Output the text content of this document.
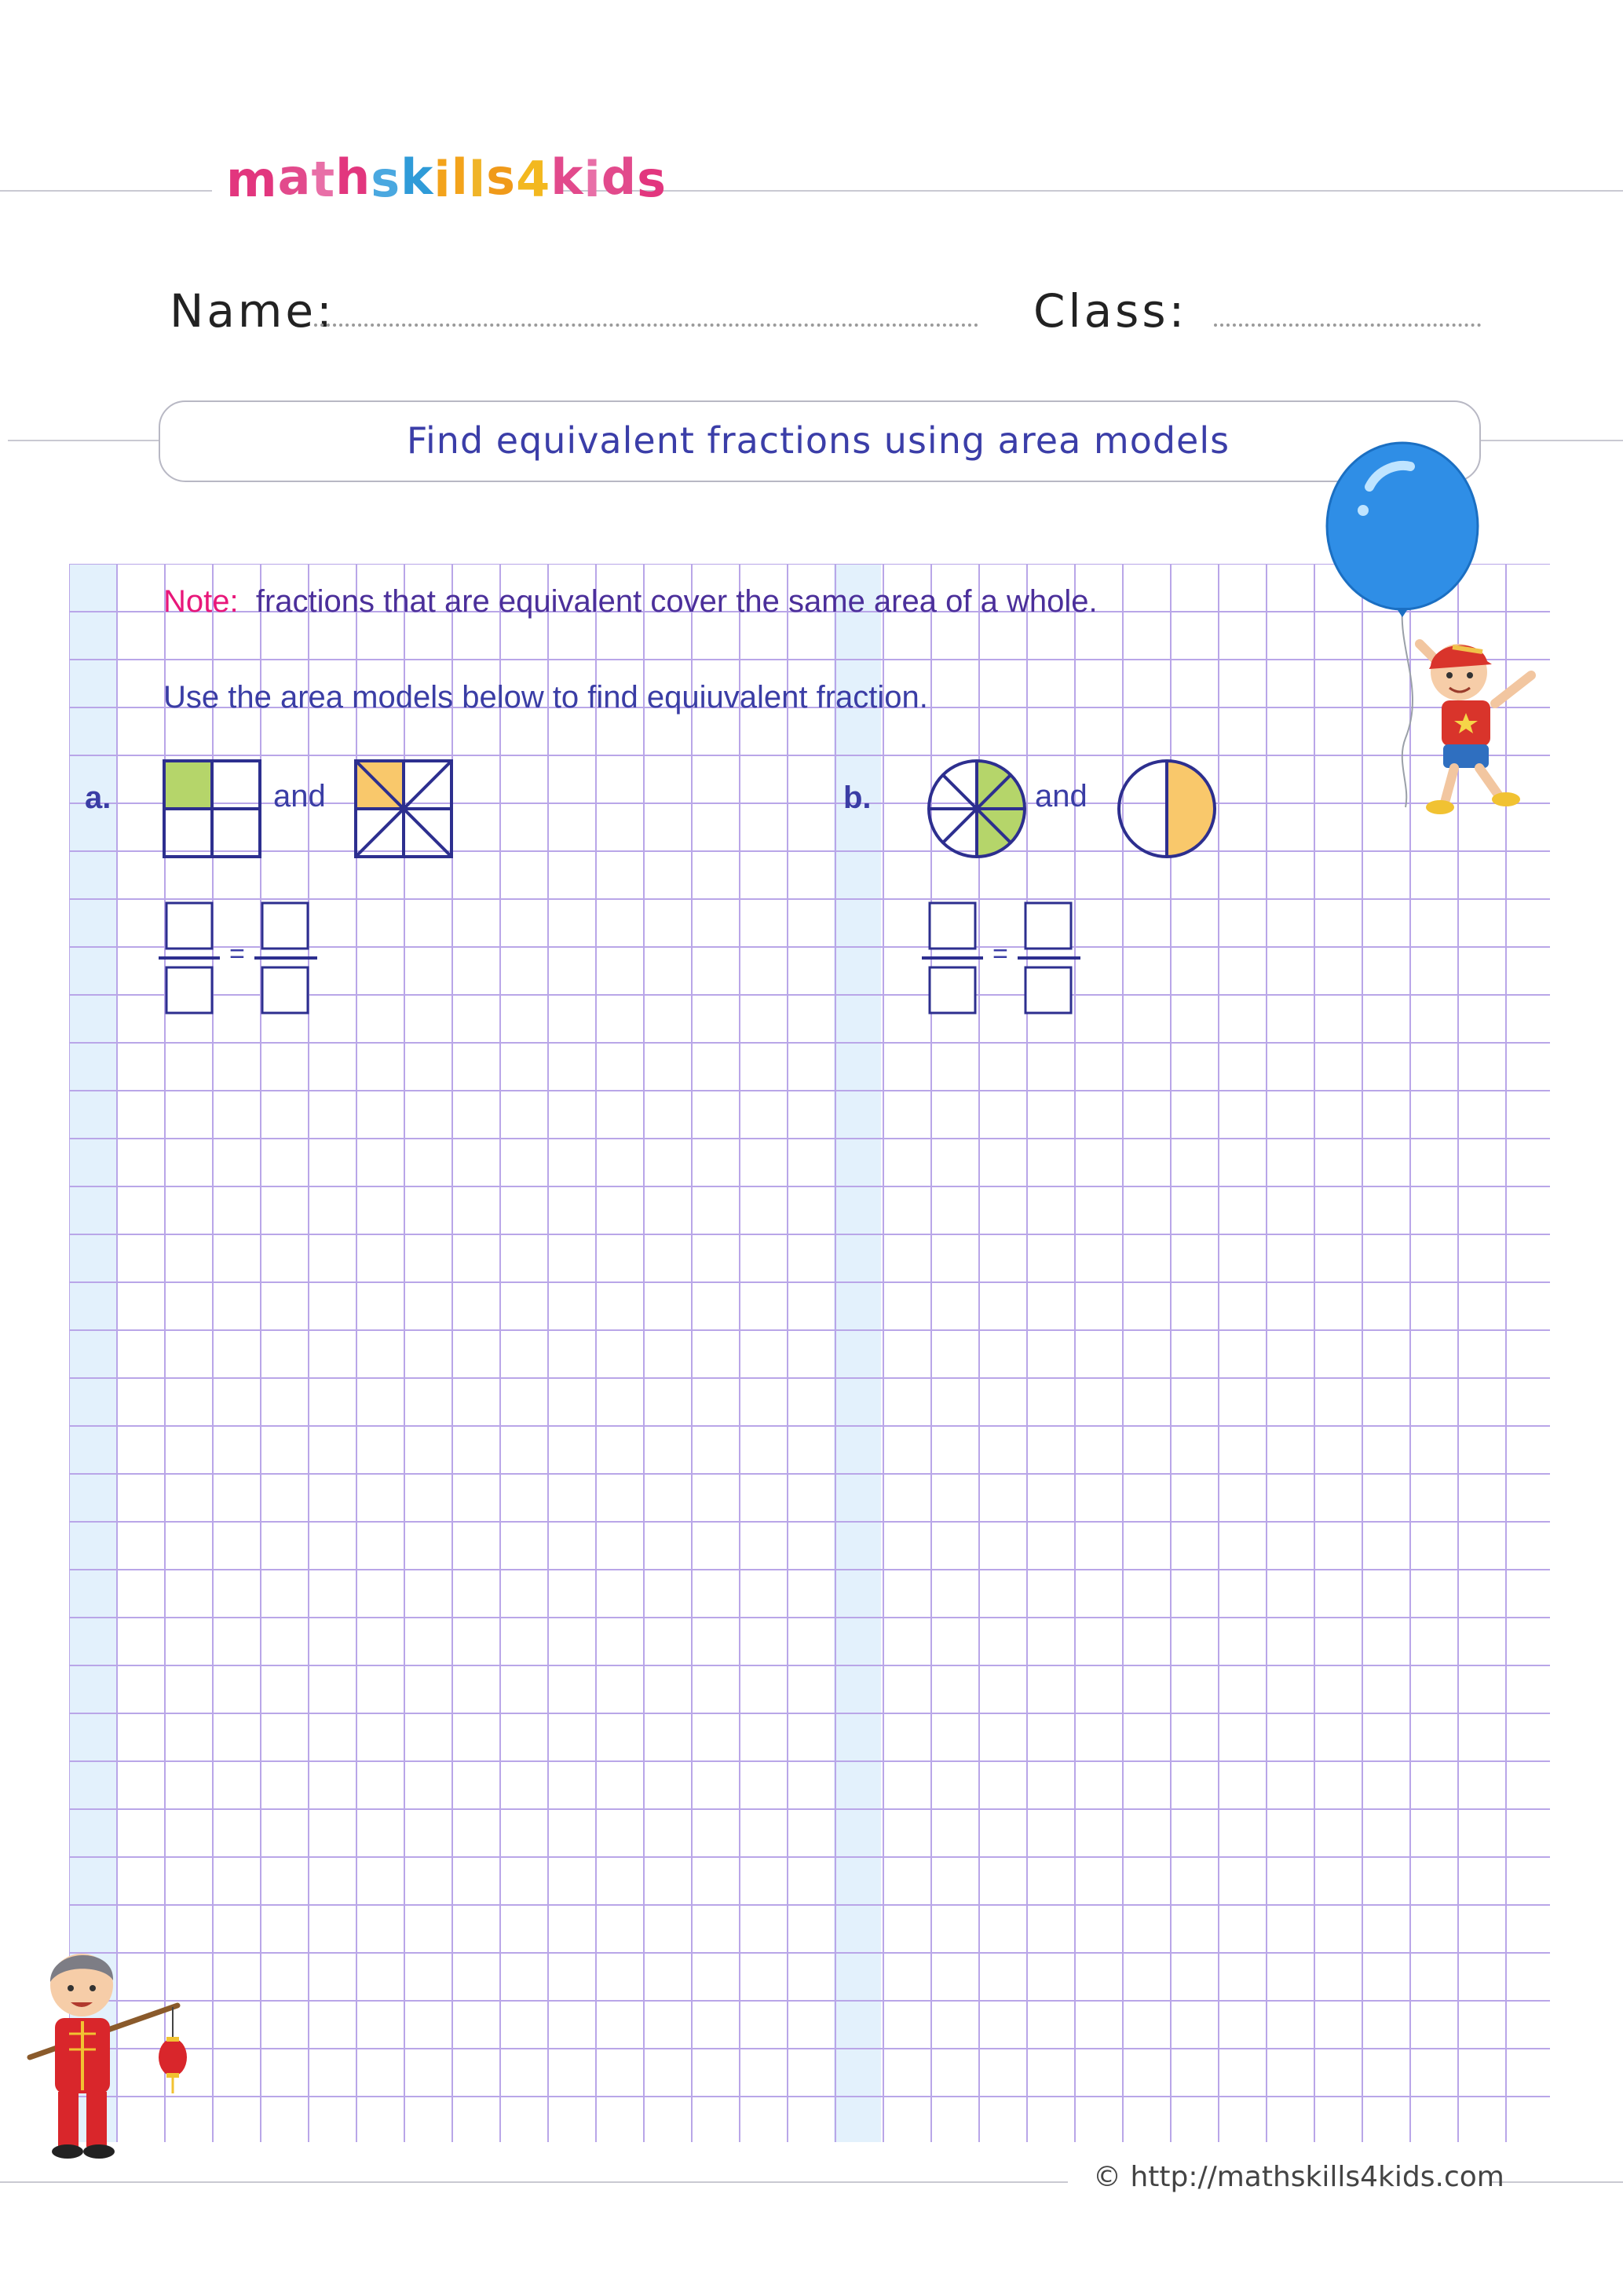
mathskills4kids
Name:	Class:
Find equivalent fractions using area models
Note: fractions that are equivalent cover the same area of a whole.
Use the area models below to find equiuvalent fraction.
a.	and
=
b.	and
=
© http://mathskills4kids.com
